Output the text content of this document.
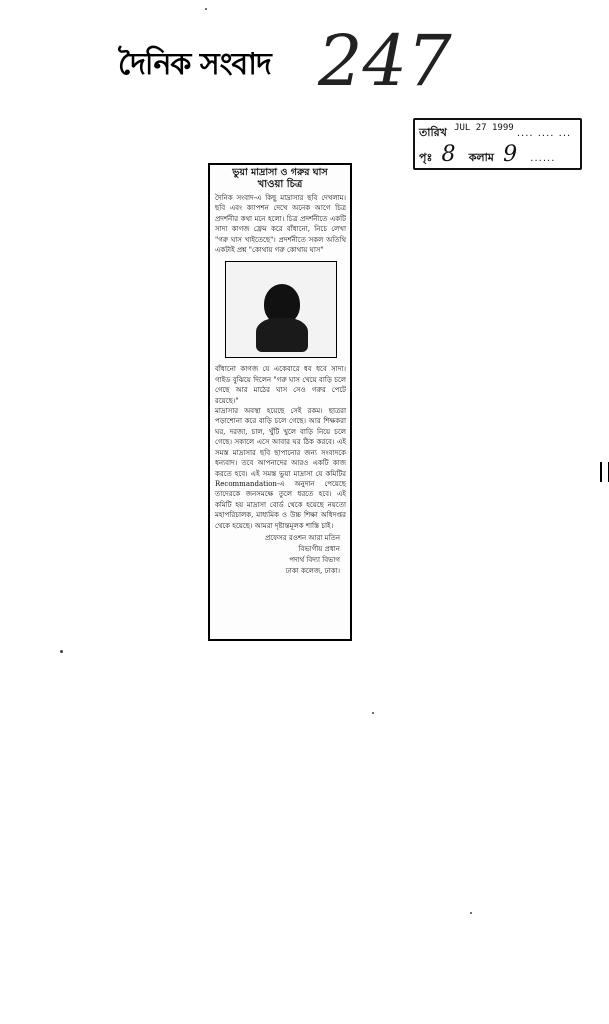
দৈনিক সংবাদ 247
তারিখ JUL 27 1999 .... .... ...
পৃঃ 8 কলাম 9 ......
ভুয়া মাদ্রাসা ও গরুর ঘাস
খাওয়া চিত্র

দৈনিক সংবাদ-এ কিছু মাদ্রাসার ছবি দেখলাম। ছবি এবং ক্যাপশন দেখে অনেক আগে চিত্র প্রদর্শনীর কথা মনে হলো। চিত্র প্রদর্শনীতে একটি সাদা কাগজ ফ্রেম করে বাঁধানো, নিচে লেখা "গরু ঘাস খাইতেছে"। প্রদর্শনীতে সকল অতিথি একটাই প্রশ্ন "কোথায় গরু কোথায় ঘাস"

বাঁধানো কাগজ যে একেবারে ধব ধবে সাদা। গাইড বুঝিয়ে দিলেন "গরু ঘাস খেয়ে বাড়ি চলে গেছে আর মাঠের ঘাস সেও গরুর পেটে রয়েছে।"

মাদ্রাসার অবস্থা হয়েছে সেই রকম। ছাত্ররা পড়াশোনা করে বাড়ি চলে গেছে। আর শিক্ষকরা ঘর, দরজা, চাল, খুঁটি খুলে বাড়ি নিয়ে চলে গেছে। সকালে এসে আবার ঘর ঠিক করবে। এই সমস্ত মাদ্রাসার ছবি ছাপানোর জন্য সংবাদকে ধন্যবাদ। তবে আপনাদের আরও একটি কাজ করতে হবে। এই সমস্ত ভুয়া মাদ্রাসা যে কমিটির Recommandation-এ অনুদান পেয়েছে তাদেরকে জনসমক্ষে তুলে ধরতে হবে। এই কমিটি হয় মাদ্রাসা বোর্ড থেকে হয়েছে নয়তো মহাপরিচালক, মাধ্যমিক ও উচ্চ শিক্ষা অধিদপ্তর থেকে হয়েছে। আমরা দৃষ্টান্তমূলক শাস্তি চাই।

প্রফেসর রওশন আরা মতিন
বিভাগীয় প্রধান
পদার্থ বিদ্যা বিভাগ
ঢাকা কলেজ, ঢাকা।
